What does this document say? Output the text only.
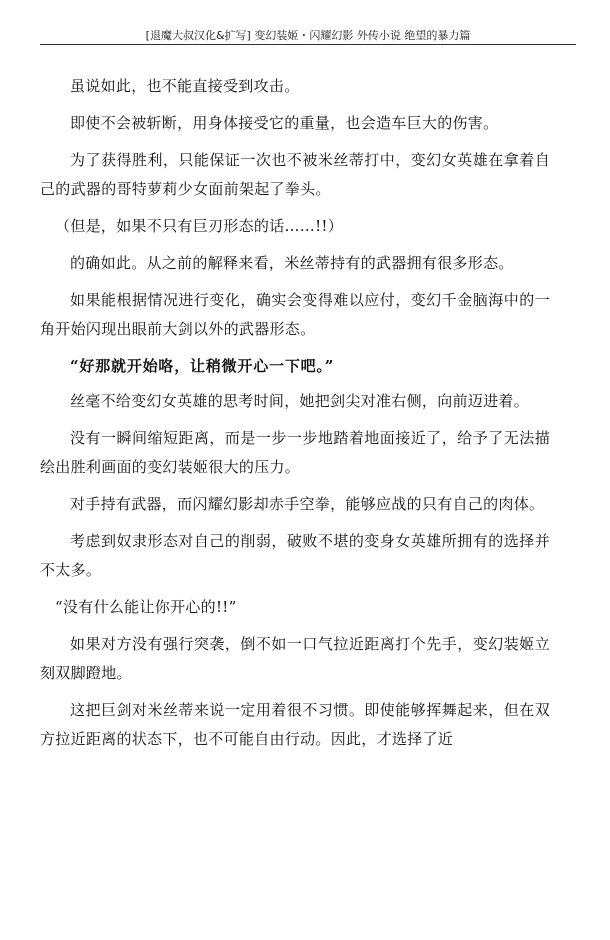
[退魔大叔汉化&扩写] 变幻装姬・闪耀幻影 外传小说 绝望的暴力篇

虽说如此，也不能直接受到攻击。

即使不会被斩断，用身体接受它的重量，也会造车巨大的伤害。

为了获得胜利，只能保证一次也不被米丝蒂打中，变幻女英雄在拿着自己的武器的哥特萝莉少女面前架起了拳头。

（但是，如果不只有巨刃形态的话……!!）

的确如此。从之前的解释来看，米丝蒂持有的武器拥有很多形态。

如果能根据情况进行变化，确实会变得难以应付，变幻千金脑海中的一角开始闪现出眼前大剑以外的武器形态。

“好那就开始咯，让稍微开心一下吧。”

丝毫不给变幻女英雄的思考时间，她把剑尖对准右侧，向前迈进着。

没有一瞬间缩短距离，而是一步一步地踏着地面接近了，给予了无法描绘出胜利画面的变幻装姬很大的压力。

对手持有武器，而闪耀幻影却赤手空拳，能够应战的只有自己的肉体。

考虑到奴隶形态对自己的削弱，破败不堪的变身女英雄所拥有的选择并不太多。

“没有什么能让你开心的!!”

如果对方没有强行突袭，倒不如一口气拉近距离打个先手，变幻装姬立刻双脚蹬地。

这把巨剑对米丝蒂来说一定用着很不习惯。即使能够挥舞起来，但在双方拉近距离的状态下，也不可能自由行动。因此，才选择了近
